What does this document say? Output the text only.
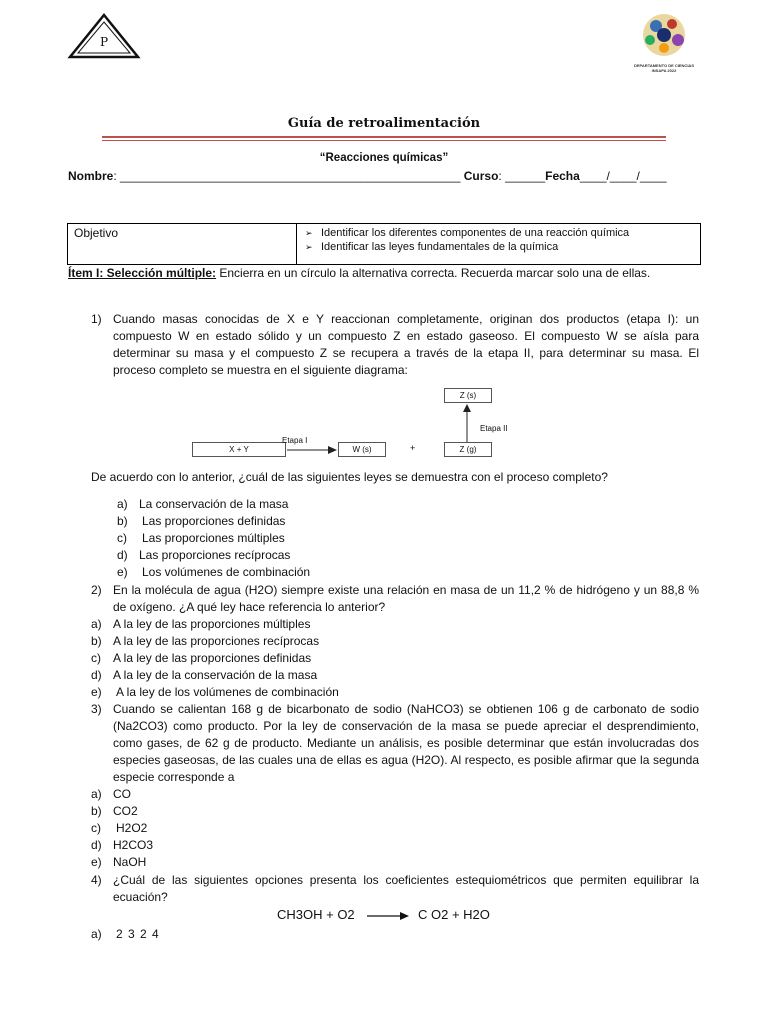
P
DEPARTAMENTO DE CIENCIAS
INSAPA 2022
Guía de retroalimentación
“Reacciones químicas”
Nombre: ___________________________________________________ Curso: ______Fecha____/____/____
Objetivo	
➢Identificar los diferentes componentes de una reacción química
➢ Identificar las leyes fundamentales de la química
Ítem I: Selección múltiple: Encierra en un círculo la alternativa correcta. Recuerda marcar solo una de ellas.
1) Cuando masas conocidas de X e Y reaccionan completamente, originan dos productos (etapa I): un compuesto W en estado sólido y un compuesto Z en estado gaseoso. El compuesto W se aísla para determinar su masa y el compuesto Z se recupera a través de la etapa II, para determinar su masa. El proceso completo se muestra en el siguiente diagrama:
Z (s)
X + Y
Etapa I
W (s)	+	Z (g)
Etapa II
De acuerdo con lo anterior, ¿cuál de las siguientes leyes se demuestra con el proceso completo?
a) La conservación de la masa
b) Las proporciones definidas
c) Las proporciones múltiples
d) Las proporciones recíprocas
e) Los volúmenes de combinación
2) En la molécula de agua (H2O) siempre existe una relación en masa de un 11,2 % de hidrógeno y un 88,8 % de oxígeno. ¿A qué ley hace referencia lo anterior?
a) A la ley de las proporciones múltiples
b) A la ley de las proporciones recíprocas
c) A la ley de las proporciones definidas
d) A la ley de la conservación de la masa
e) A la ley de los volúmenes de combinación
3) Cuando se calientan 168 g de bicarbonato de sodio (NaHCO3) se obtienen 106 g de carbonato de sodio (Na2CO3) como producto. Por la ley de conservación de la masa se puede apreciar el desprendimiento, como gases, de 62 g de producto. Mediante un análisis, es posible determinar que están involucradas dos especies gaseosas, de las cuales una de ellas es agua (H2O). Al respecto, es posible afirmar que la segunda especie corresponde a
a) CO
b) CO2
c) H2O2
d) H2CO3
e) NaOH
4) ¿Cuál de las siguientes opciones presenta los coeficientes estequiométricos que permiten equilibrar la ecuación?
CH3OH + O2 → C O2 + H2O
a) 2 3 2 4
